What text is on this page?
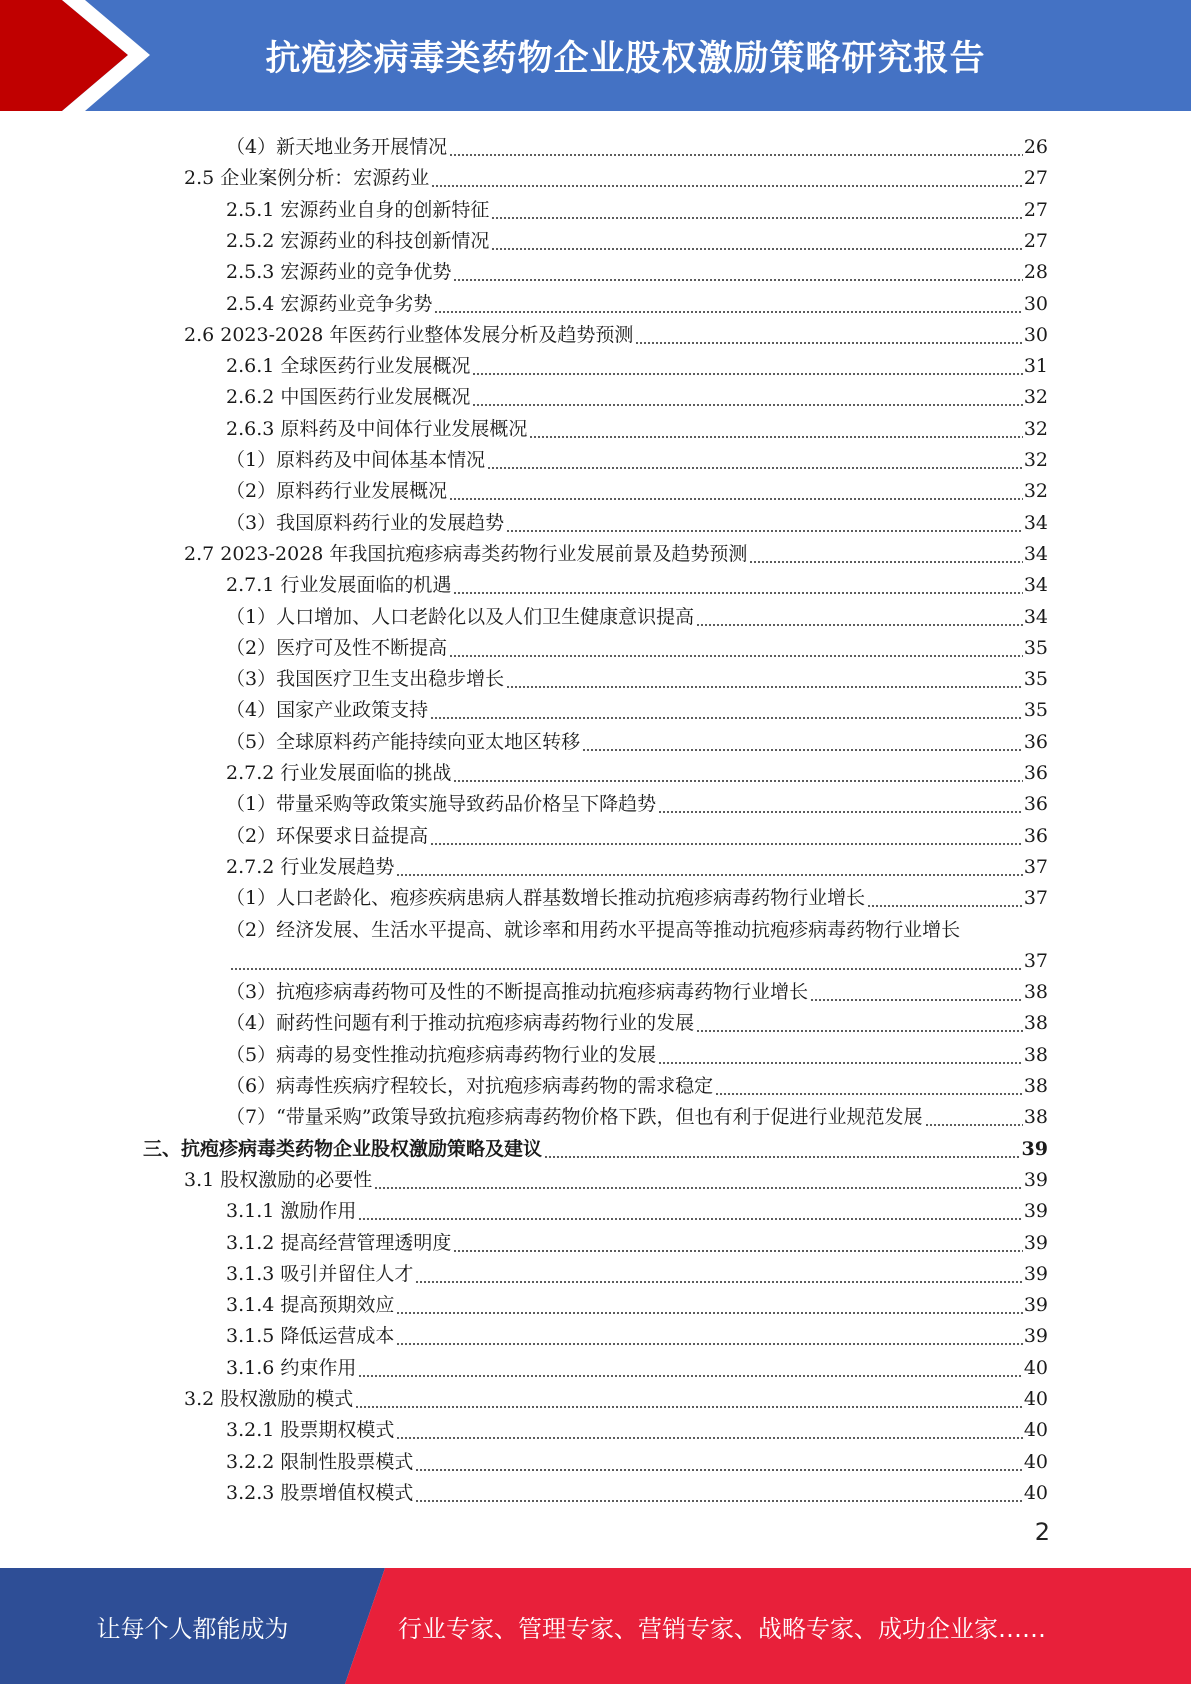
抗疱疹病毒类药物企业股权激励策略研究报告
（4）新天地业务开展情况	26
2.5 企业案例分析：宏源药业	27
2.5.1 宏源药业自身的创新特征	27
2.5.2 宏源药业的科技创新情况	27
2.5.3 宏源药业的竞争优势	28
2.5.4 宏源药业竞争劣势	30
2.6 2023-2028 年医药行业整体发展分析及趋势预测	30
2.6.1 全球医药行业发展概况	31
2.6.2 中国医药行业发展概况	32
2.6.3 原料药及中间体行业发展概况	32
（1）原料药及中间体基本情况	32
（2）原料药行业发展概况	32
（3）我国原料药行业的发展趋势	34
2.7 2023-2028 年我国抗疱疹病毒类药物行业发展前景及趋势预测	34
2.7.1 行业发展面临的机遇	34
（1）人口增加、人口老龄化以及人们卫生健康意识提高	34
（2）医疗可及性不断提高	35
（3）我国医疗卫生支出稳步增长	35
（4）国家产业政策支持	35
（5）全球原料药产能持续向亚太地区转移	36
2.7.2 行业发展面临的挑战	36
（1）带量采购等政策实施导致药品价格呈下降趋势	36
（2）环保要求日益提高	36
2.7.2 行业发展趋势	37
（1）人口老龄化、疱疹疾病患病人群基数增长推动抗疱疹病毒药物行业增长	37
（2）经济发展、生活水平提高、就诊率和用药水平提高等推动抗疱疹病毒药物行业增长
37
（3）抗疱疹病毒药物可及性的不断提高推动抗疱疹病毒药物行业增长	38
（4）耐药性问题有利于推动抗疱疹病毒药物行业的发展	38
（5）病毒的易变性推动抗疱疹病毒药物行业的发展	38
（6）病毒性疾病疗程较长，对抗疱疹病毒药物的需求稳定	38
（7）“带量采购”政策导致抗疱疹病毒药物价格下跌，但也有利于促进行业规范发展	38
三、抗疱疹病毒类药物企业股权激励策略及建议	39
3.1 股权激励的必要性	39
3.1.1 激励作用	39
3.1.2 提高经营管理透明度	39
3.1.3 吸引并留住人才	39
3.1.4 提高预期效应	39
3.1.5 降低运营成本	39
3.1.6 约束作用	40
3.2 股权激励的模式	40
3.2.1 股票期权模式	40
3.2.2 限制性股票模式	40
3.2.3 股票增值权模式	40
2
让每个人都能成为	行业专家、管理专家、营销专家、战略专家、成功企业家……
